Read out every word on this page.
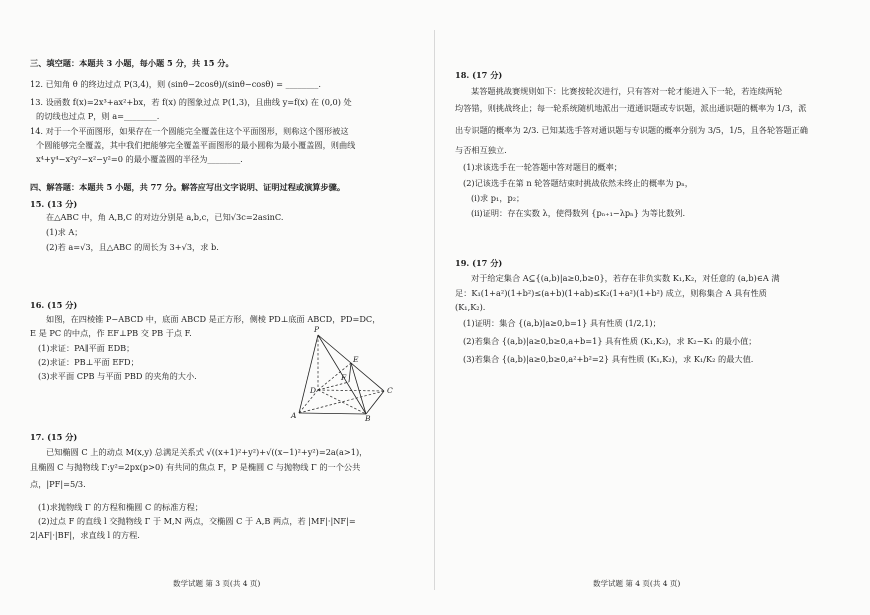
三、填空题：本题共 3 小题，每小题 5 分，共 15 分。
12. 已知角 θ 的终边过点 P(3,4)，则 (sinθ−2cosθ)/(sinθ−cosθ) = ________.
13. 设函数 f(x)=2x³+ax²+bx，若 f(x) 的图象过点 P(1,3)，且曲线 y=f(x) 在 (0,0) 处
的切线也过点 P，则 a=________.
14. 对于一个平面图形，如果存在一个圆能完全覆盖住这个平面图形，则称这个图形被这
个圆能够完全覆盖，其中我们把能够完全覆盖平面图形的最小圆称为最小覆盖圆，则曲线
x⁴+y⁴−x²y²−x²−y²=0 的最小覆盖圆的半径为________.
四、解答题：本题共 5 小题，共 77 分。解答应写出文字说明、证明过程或演算步骤。
15. (13 分)
在△ABC 中，角 A,B,C 的对边分别是 a,b,c，已知√3c=2asinC.
(1)求 A；
(2)若 a=√3，且△ABC 的周长为 3+√3，求 b.
16. (15 分)
如图，在四棱锥 P−ABCD 中，底面 ABCD 是正方形，侧棱 PD⊥底面 ABCD，PD=DC，
E 是 PC 的中点，作 EF⊥PB 交 PB 于点 F.
(1)求证：PA∥平面 EDB；
(2)求证：PB⊥平面 EFD；
(3)求平面 CPB 与平面 PBD 的夹角的大小.
P
E
F
D	C
A	B
17. (15 分)
已知椭圆 C 上的动点 M(x,y) 总满足关系式 √((x+1)²+y²)+√((x−1)²+y²)=2a(a>1)，
且椭圆 C 与抛物线 Γ:y²=2px(p>0) 有共同的焦点 F，P 是椭圆 C 与抛物线 Γ 的一个公共
点，|PF|=5/3.
(1)求抛物线 Γ 的方程和椭圆 C 的标准方程；
(2)过点 F 的直线 l 交抛物线 Γ 于 M,N 两点，交椭圆 C 于 A,B 两点，若 |MF|·|NF|=
2|AF|·|BF|，求直线 l 的方程.
数学试题 第 3 页(共 4 页)
18. (17 分)
某答题挑战赛规则如下：比赛按轮次进行，只有答对一轮才能进入下一轮，若连续两轮
均答错，则挑战终止；每一轮系统随机地派出一道通识题或专识题，派出通识题的概率为 1/3，派
出专识题的概率为 2/3. 已知某选手答对通识题与专识题的概率分别为 3/5，1/5，且各轮答题正确
与否相互独立.
(1)求该选手在一轮答题中答对题目的概率；
(2)记该选手在第 n 轮答题结束时挑战依然未终止的概率为 pₙ，
(i)求 p₁，p₂；
(ii)证明：存在实数 λ，使得数列 {pₙ₊₁−λpₙ} 为等比数列.
19. (17 分)
对于给定集合 A⊆{(a,b)|a≥0,b≥0}，若存在非负实数 K₁,K₂，对任意的 (a,b)∈A 满
足：K₁(1+a²)(1+b²)≤(a+b)(1+ab)≤K₂(1+a²)(1+b²) 成立，则称集合 A 具有性质
(K₁,K₂).
(1)证明：集合 {(a,b)|a≥0,b=1} 具有性质 (1/2,1)；
(2)若集合 {(a,b)|a≥0,b≥0,a+b=1} 具有性质 (K₁,K₂)，求 K₂−K₁ 的最小值；
(3)若集合 {(a,b)|a≥0,b≥0,a²+b²=2} 具有性质 (K₁,K₂)，求 K₁/K₂ 的最大值.
数学试题 第 4 页(共 4 页)
